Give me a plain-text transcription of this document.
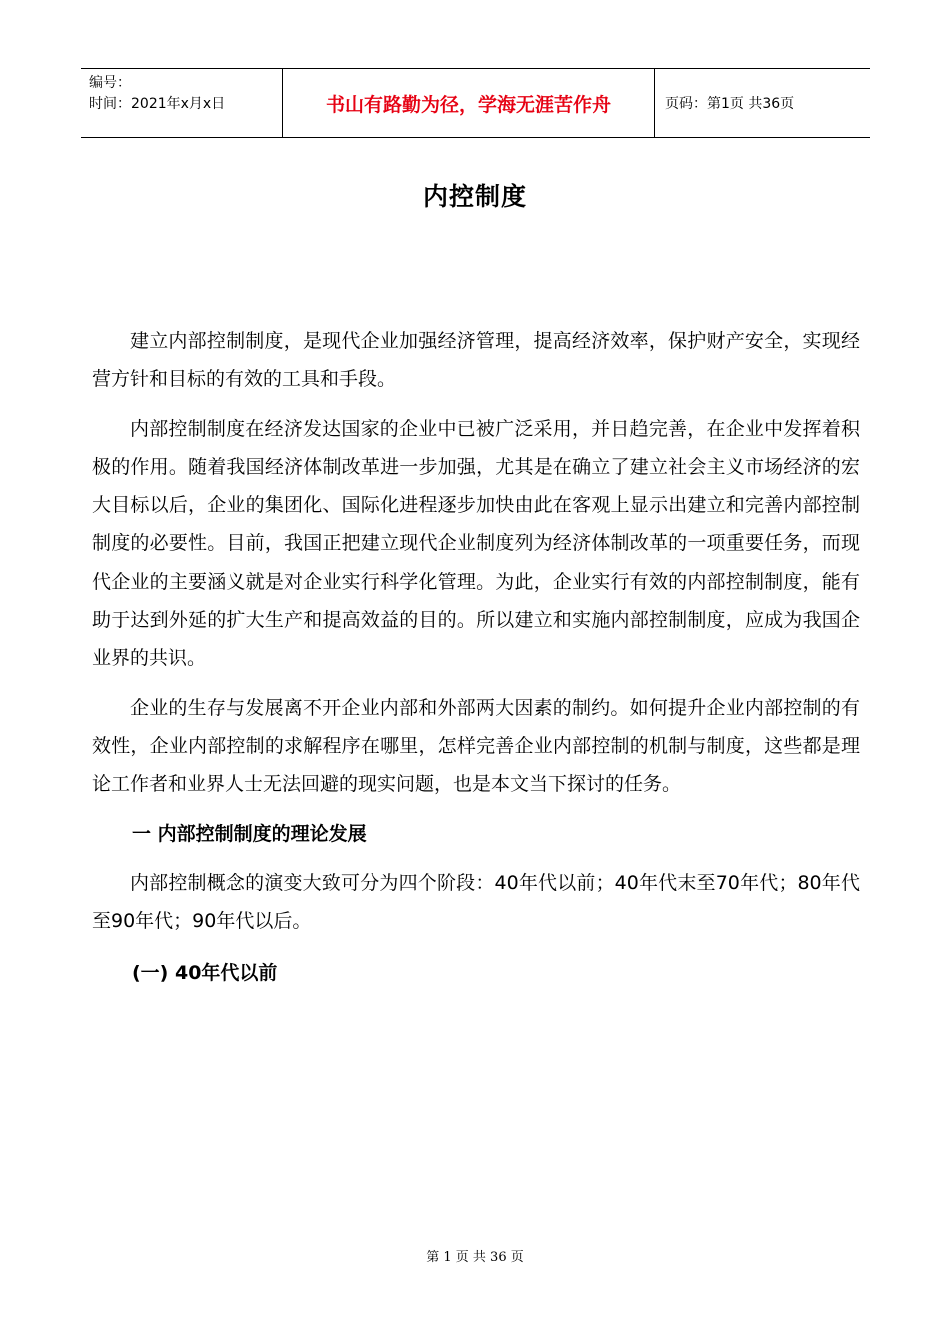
编号：
时间：2021年x月x日	书山有路勤为径，学海无涯苦作舟	页码：第1页 共36页
内控制度

建立内部控制制度，是现代企业加强经济管理，提高经济效率，保护财产安全，实现经营方针和目标的有效的工具和手段。

内部控制制度在经济发达国家的企业中已被广泛采用，并日趋完善，在企业中发挥着积极的作用。随着我国经济体制改革进一步加强，尤其是在确立了建立社会主义市场经济的宏大目标以后，企业的集团化、国际化进程逐步加快由此在客观上显示出建立和完善内部控制制度的必要性。目前，我国正把建立现代企业制度列为经济体制改革的一项重要任务，而现代企业的主要涵义就是对企业实行科学化管理。为此，企业实行有效的内部控制制度，能有助于达到外延的扩大生产和提高效益的目的。所以建立和实施内部控制制度，应成为我国企业界的共识。

企业的生存与发展离不开企业内部和外部两大因素的制约。如何提升企业内部控制的有效性，企业内部控制的求解程序在哪里，怎样完善企业内部控制的机制与制度，这些都是理论工作者和业界人士无法回避的现实问题，也是本文当下探讨的任务。

一 内部控制制度的理论发展

内部控制概念的演变大致可分为四个阶段：40年代以前；40年代末至70年代；80年代至90年代；90年代以后。

(一) 40年代以前
第 1 页 共 36 页
